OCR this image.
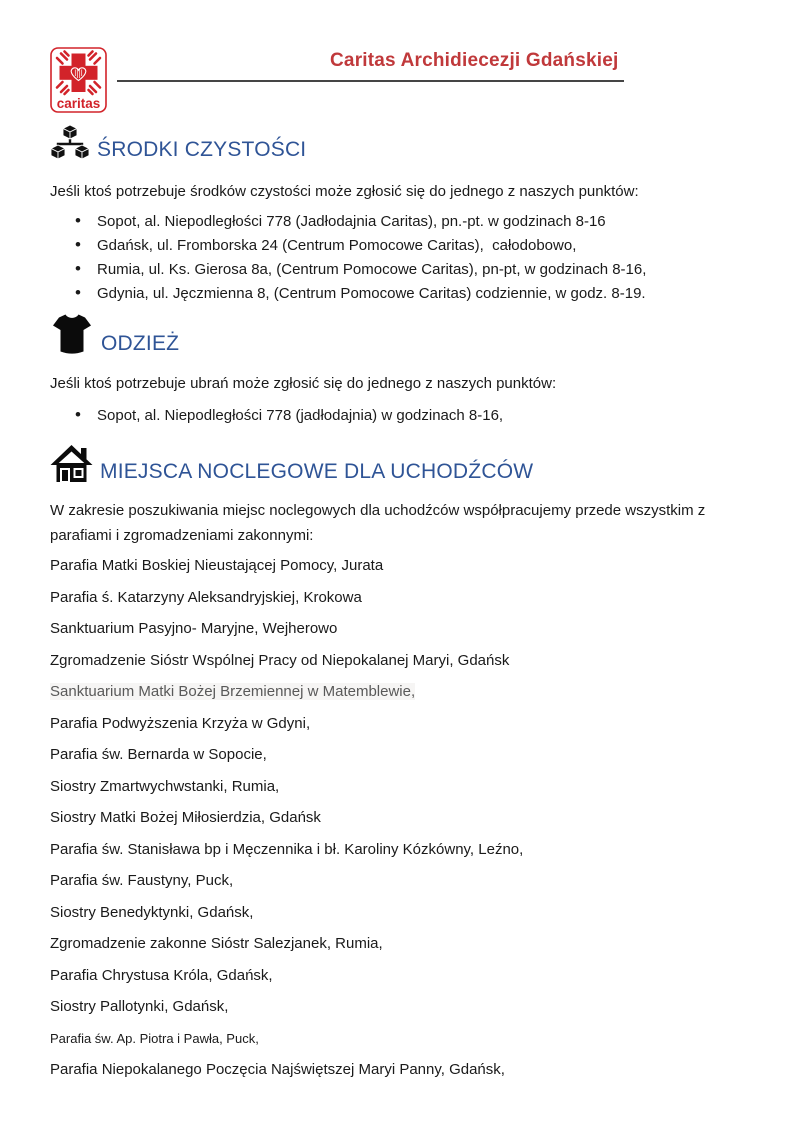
caritas
Caritas Archidiecezji Gdańskiej
ŚRODKI CZYSTOŚCI

Jeśli ktoś potrzebuje środków czystości może zgłosić się do jednego z naszych punktów:

• Sopot, al. Niepodległości 778 (Jadłodajnia Caritas), pn.-pt. w godzinach 8-16
• Gdańsk, ul. Fromborska 24 (Centrum Pomocowe Caritas),  całodobowo,
• Rumia, ul. Ks. Gierosa 8a, (Centrum Pomocowe Caritas), pn-pt, w godzinach 8-16,
• Gdynia, ul. Jęczmienna 8, (Centrum Pomocowe Caritas) codziennie, w godz. 8-19.
ODZIEŻ

Jeśli ktoś potrzebuje ubrań może zgłosić się do jednego z naszych punktów:

• Sopot, al. Niepodległości 778 (jadłodajnia) w godzinach 8-16,
MIEJSCA NOCLEGOWE DLA UCHODŹCÓW

W zakresie poszukiwania miejsc noclegowych dla uchodźców współpracujemy przede wszystkim z parafiami i zgromadzeniami zakonnymi:

Parafia Matki Boskiej Nieustającej Pomocy, Jurata

Parafia ś. Katarzyny Aleksandryjskiej, Krokowa

Sanktuarium Pasyjno- Maryjne, Wejherowo

Zgromadzenie Sióstr Wspólnej Pracy od Niepokalanej Maryi, Gdańsk

Sanktuarium Matki Bożej Brzemiennej w Matemblewie,

Parafia Podwyższenia Krzyża w Gdyni,

Parafia św. Bernarda w Sopocie,

Siostry Zmartwychwstanki, Rumia,

Siostry Matki Bożej Miłosierdzia, Gdańsk

Parafia św. Stanisława bp i Męczennika i bł. Karoliny Kózkówny, Leźno,

Parafia św. Faustyny, Puck,

Siostry Benedyktynki, Gdańsk,

Zgromadzenie zakonne Sióstr Salezjanek, Rumia,

Parafia Chrystusa Króla, Gdańsk,

Siostry Pallotynki, Gdańsk,

Parafia św. Ap. Piotra i Pawła, Puck,

Parafia Niepokalanego Poczęcia Najświętszej Maryi Panny, Gdańsk,
